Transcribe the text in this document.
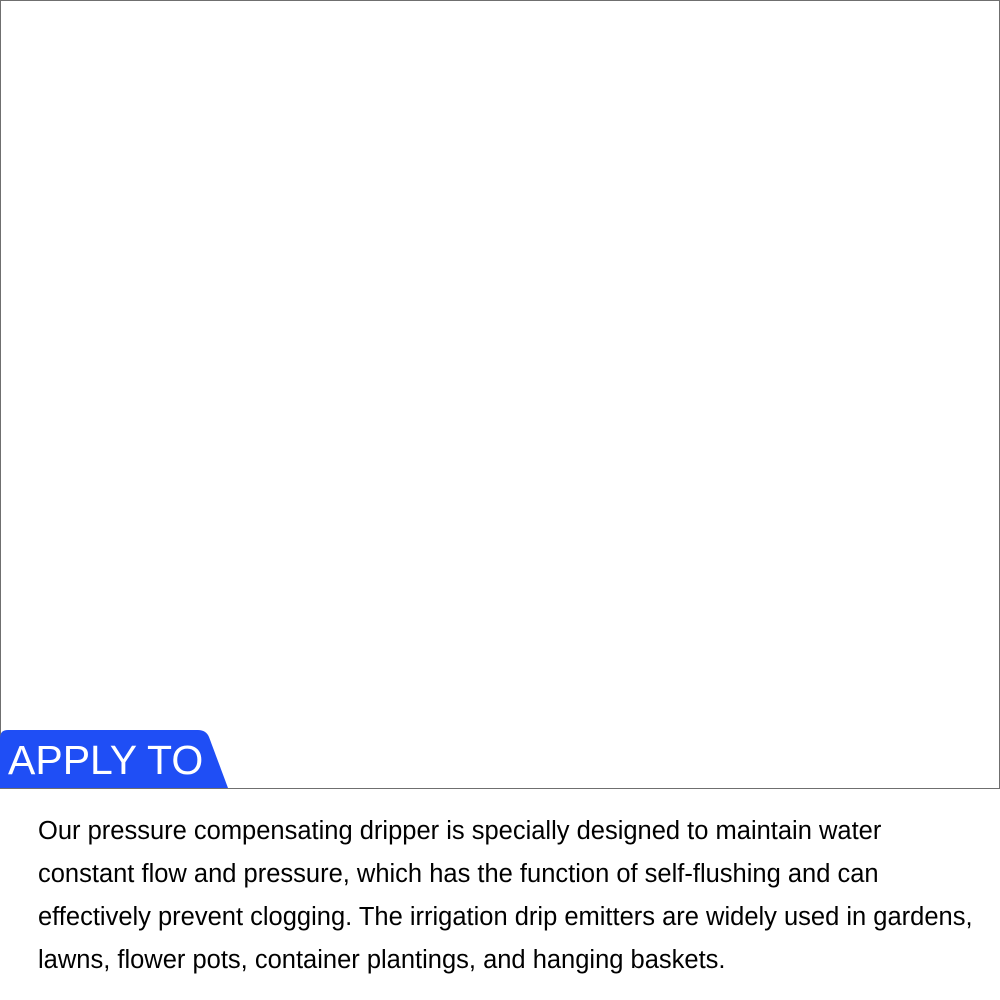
APPLY TO

Our pressure compensating dripper is specially designed to maintain water constant flow and pressure, which has the function of self-flushing and can effectively prevent clogging. The irrigation drip emitters are widely used in gardens, lawns, flower pots, container plantings, and hanging baskets.
